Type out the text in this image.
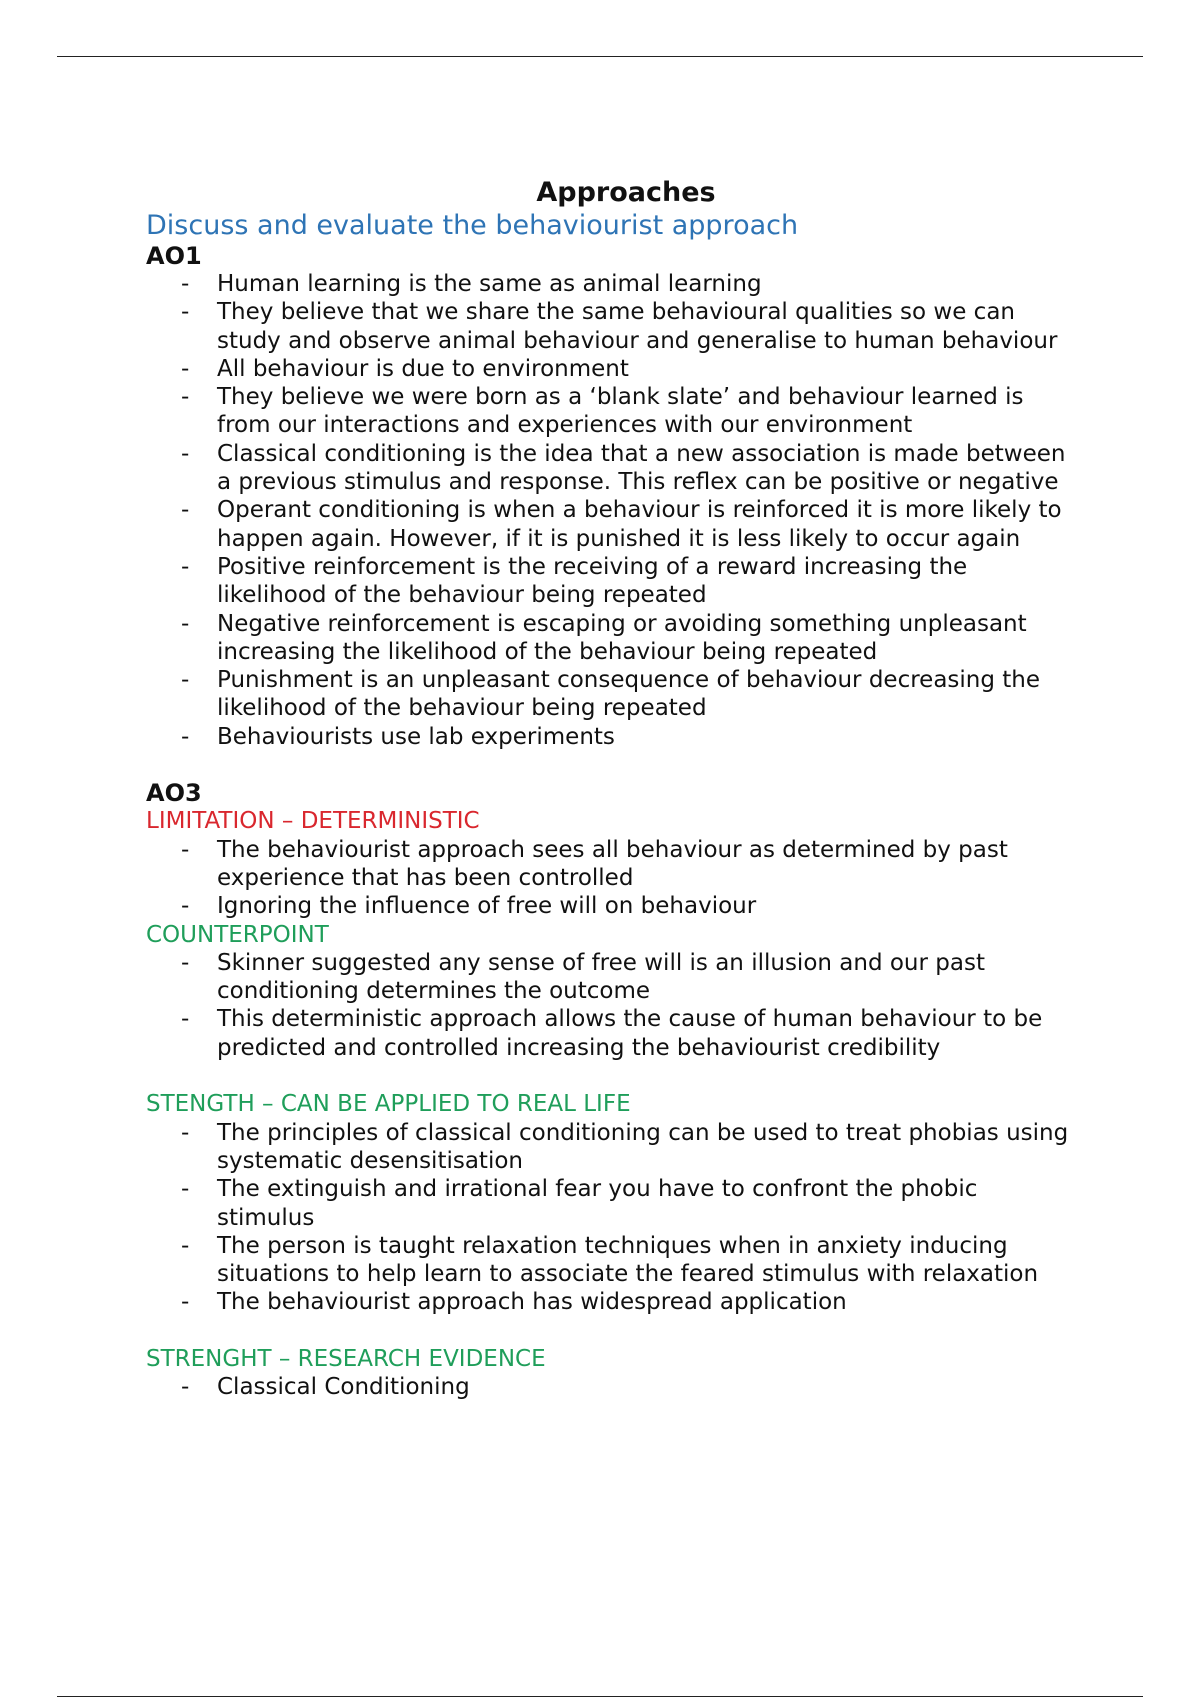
Approaches
Discuss and evaluate the behaviourist approach
AO1
- Human learning is the same as animal learning
- They believe that we share the same behavioural qualities so we can study and observe animal behaviour and generalise to human behaviour
- All behaviour is due to environment
- They believe we were born as a ‘blank slate’ and behaviour learned is from our interactions and experiences with our environment
- Classical conditioning is the idea that a new association is made between a previous stimulus and response. This reflex can be positive or negative
- Operant conditioning is when a behaviour is reinforced it is more likely to happen again. However, if it is punished it is less likely to occur again
- Positive reinforcement is the receiving of a reward increasing the likelihood of the behaviour being repeated
- Negative reinforcement is escaping or avoiding something unpleasant increasing the likelihood of the behaviour being repeated
- Punishment is an unpleasant consequence of behaviour decreasing the likelihood of the behaviour being repeated
- Behaviourists use lab experiments
AO3
LIMITATION – DETERMINISTIC
- The behaviourist approach sees all behaviour as determined by past experience that has been controlled
- Ignoring the influence of free will on behaviour
COUNTERPOINT
- Skinner suggested any sense of free will is an illusion and our past conditioning determines the outcome
- This deterministic approach allows the cause of human behaviour to be predicted and controlled increasing the behaviourist credibility
STENGTH – CAN BE APPLIED TO REAL LIFE
- The principles of classical conditioning can be used to treat phobias using systematic desensitisation
- The extinguish and irrational fear you have to confront the phobic stimulus
- The person is taught relaxation techniques when in anxiety inducing situations to help learn to associate the feared stimulus with relaxation
- The behaviourist approach has widespread application
STRENGHT – RESEARCH EVIDENCE
- Classical Conditioning
